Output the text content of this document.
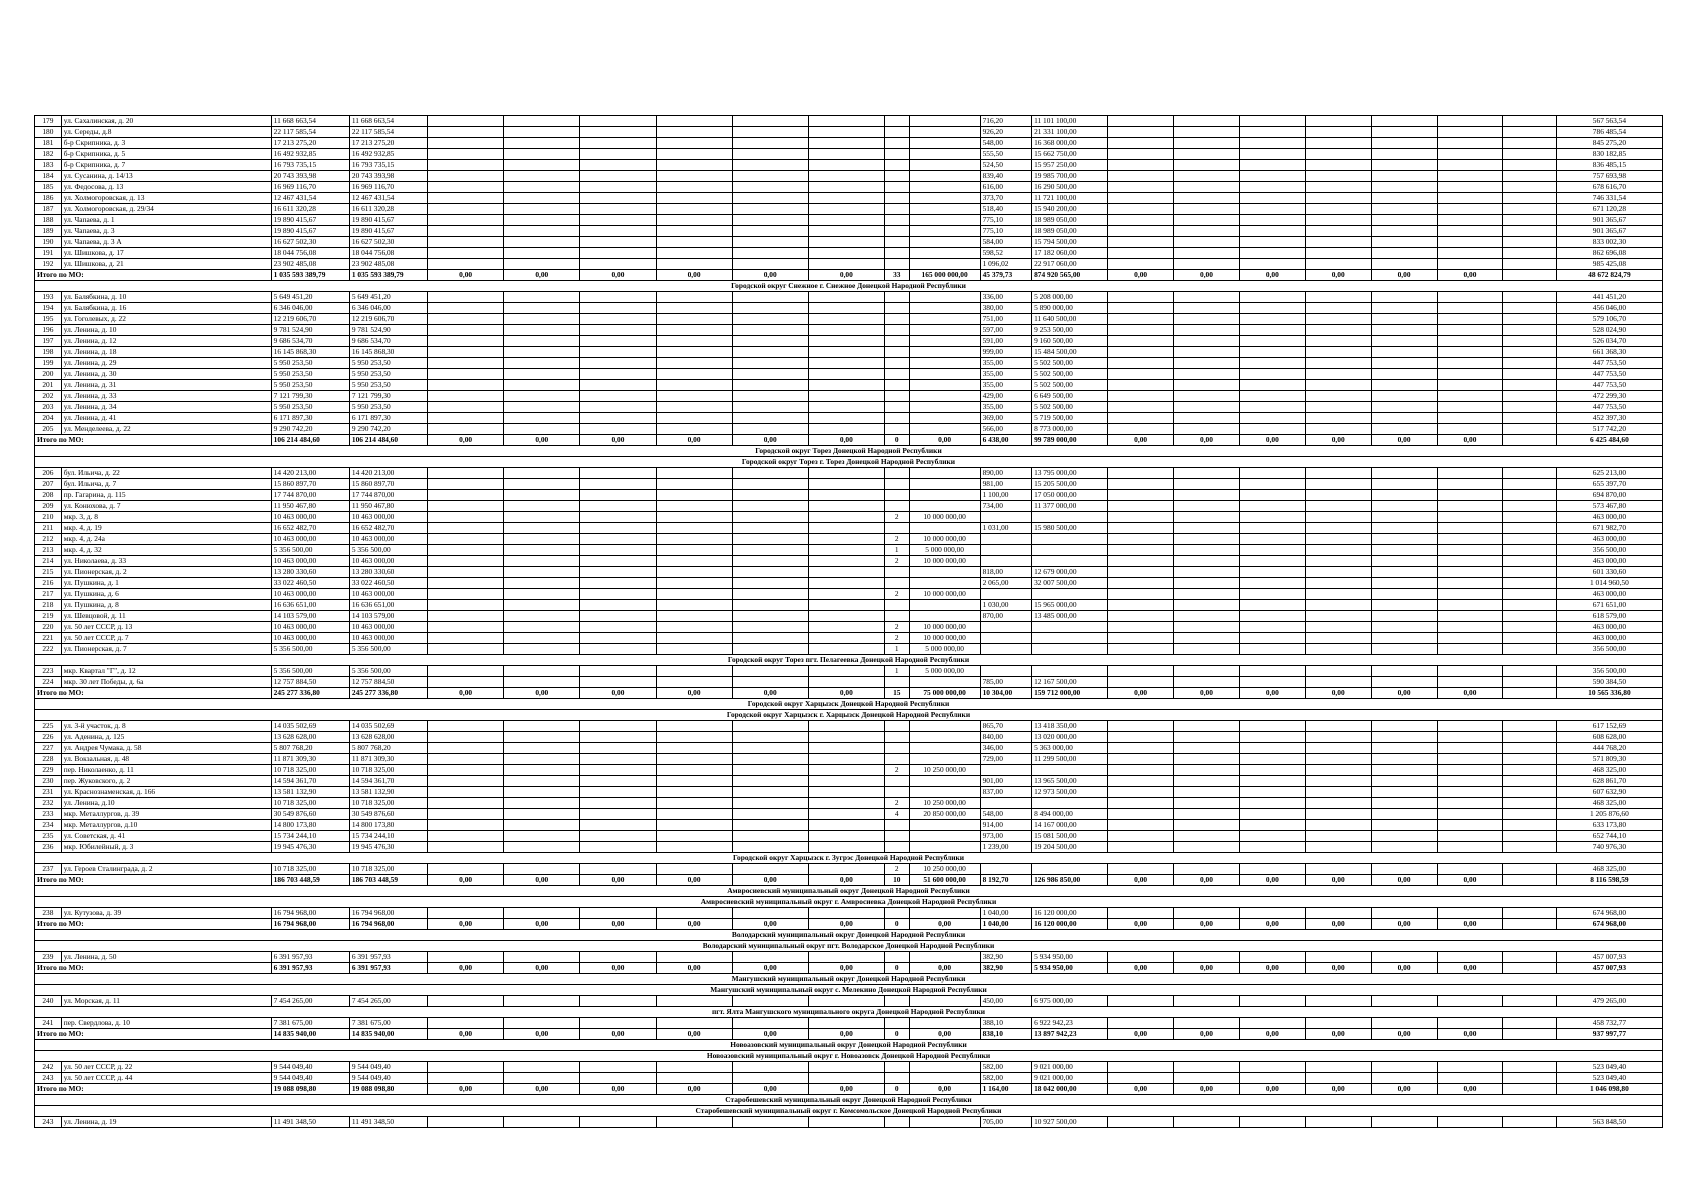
179	ул. Сахалинская, д. 20	11 668 663,54	11 668 663,54									716,20	11 101 100,00								567 563,54
180	ул. Середы, д.8	22 117 585,54	22 117 585,54									926,20	21 331 100,00								786 485,54
181	б-р Скрипника, д. 3	17 213 275,20	17 213 275,20									548,00	16 368 000,00								845 275,20
182	б-р Скрипника, д. 5	16 492 932,85	16 492 932,85									555,50	15 662 750,00								830 182,85
183	б-р Скрипника, д. 7	16 793 735,15	16 793 735,15									524,50	15 957 250,00								836 485,15
184	ул. Сусанина, д. 14/13	20 743 393,98	20 743 393,98									839,40	19 985 700,00								757 693,98
185	ул. Федосова, д. 13	16 969 116,70	16 969 116,70									616,00	16 290 500,00								678 616,70
186	ул. Холмогоровская, д. 13	12 467 431,54	12 467 431,54									373,70	11 721 100,00								746 331,54
187	ул. Холмогоровская, д. 29/34	16 611 320,28	16 611 320,28									518,40	15 940 200,00								671 120,28
188	ул. Чапаева, д. 1	19 890 415,67	19 890 415,67									775,10	18 989 050,00								901 365,67
189	ул. Чапаева, д. 3	19 890 415,67	19 890 415,67									775,10	18 989 050,00								901 365,67
190	ул. Чапаева, д. 3 А	16 627 502,30	16 627 502,30									584,00	15 794 500,00								833 002,30
191	ул. Шишкова, д. 17	18 044 756,08	18 044 756,08									598,52	17 182 060,00								862 696,08
192	ул. Шишкова, д. 21	23 902 485,08	23 902 485,08									1 096,02	22 917 060,00								985 425,08
Итого по МО:		1 035 593 389,79	1 035 593 389,79	0,00	0,00	0,00	0,00	0,00	0,00	33	165 000 000,00	45 379,73	874 920 565,00	0,00	0,00	0,00	0,00	0,00	0,00		48 672 824,79
Городской округ Снежное г. Снежное Донецкой Народной Республики																					
193	ул. Балябкина, д. 10	5 649 451,20	5 649 451,20									336,00	5 208 000,00								441 451,20
194	ул. Балябкина, д. 16	6 346 046,00	6 346 046,00									380,00	5 890 000,00								456 046,00
195	ул. Гоголевых, д. 22	12 219 606,70	12 219 606,70									751,00	11 640 500,00								579 106,70
196	ул. Ленина, д. 10	9 781 524,90	9 781 524,90									597,00	9 253 500,00								528 024,90
197	ул. Ленина, д. 12	9 686 534,70	9 686 534,70									591,00	9 160 500,00								526 034,70
198	ул. Ленина, д. 18	16 145 868,30	16 145 868,30									999,00	15 484 500,00								661 368,30
199	ул. Ленина, д. 29	5 950 253,50	5 950 253,50									355,00	5 502 500,00								447 753,50
200	ул. Ленина, д. 30	5 950 253,50	5 950 253,50									355,00	5 502 500,00								447 753,50
201	ул. Ленина, д. 31	5 950 253,50	5 950 253,50									355,00	5 502 500,00								447 753,50
202	ул. Ленина, д. 33	7 121 799,30	7 121 799,30									429,00	6 649 500,00								472 299,30
203	ул. Ленина, д. 34	5 950 253,50	5 950 253,50									355,00	5 502 500,00								447 753,50
204	ул. Ленина, д. 41	6 171 897,30	6 171 897,30									369,00	5 719 500,00								452 397,30
205	ул. Менделеева, д. 22	9 290 742,20	9 290 742,20									566,00	8 773 000,00								517 742,20
Итого по МО:		106 214 484,60	106 214 484,60	0,00	0,00	0,00	0,00	0,00	0,00	0	0,00	6 438,00	99 789 000,00	0,00	0,00	0,00	0,00	0,00	0,00		6 425 484,60
Городской округ Торез Донецкой Народной Республики																					
Городской округ Торез г. Торез Донецкой Народной Республики																					
206	бул. Ильича, д. 22	14 420 213,00	14 420 213,00									890,00	13 795 000,00								625 213,00
207	бул. Ильича, д. 7	15 860 897,70	15 860 897,70									981,00	15 205 500,00								655 397,70
208	пр. Гагарина, д. 115	17 744 870,00	17 744 870,00									1 100,00	17 050 000,00								694 870,00
209	ул. Конюхова, д. 7	11 950 467,80	11 950 467,80									734,00	11 377 000,00								573 467,80
210	мкр. 3, д. 8	10 463 000,00	10 463 000,00							2	10 000 000,00										463 000,00
211	мкр. 4, д. 19	16 652 482,70	16 652 482,70									1 031,00	15 980 500,00								671 982,70
212	мкр. 4, д. 24а	10 463 000,00	10 463 000,00							2	10 000 000,00										463 000,00
213	мкр. 4, д. 32	5 356 500,00	5 356 500,00							1	5 000 000,00										356 500,00
214	ул. Николаева, д. 33	10 463 000,00	10 463 000,00							2	10 000 000,00										463 000,00
215	ул. Пионерская, д. 2	13 280 330,60	13 280 330,60									818,00	12 679 000,00								601 330,60
216	ул. Пушкина, д. 1	33 022 460,50	33 022 460,50									2 065,00	32 007 500,00								1 014 960,50
217	ул. Пушкина, д. 6	10 463 000,00	10 463 000,00							2	10 000 000,00										463 000,00
218	ул. Пушкина, д. 8	16 636 651,00	16 636 651,00									1 030,00	15 965 000,00								671 651,00
219	ул. Шевцовой, д. 11	14 103 579,00	14 103 579,00									870,00	13 485 000,00								618 579,00
220	ул. 50 лет СССР, д. 13	10 463 000,00	10 463 000,00							2	10 000 000,00										463 000,00
221	ул. 50 лет СССР, д. 7	10 463 000,00	10 463 000,00							2	10 000 000,00										463 000,00
222	ул. Пионерская, д. 7	5 356 500,00	5 356 500,00							1	5 000 000,00										356 500,00
Городской округ Торез пгт. Пелагеевка Донецкой Народной Республики																					
223	мкр. Квартал "Г", д. 12	5 356 500,00	5 356 500,00							1	5 000 000,00										356 500,00
224	мкр. 30 лет Победы, д. 6а	12 757 884,50	12 757 884,50									785,00	12 167 500,00								590 384,50
Итого по МО:		245 277 336,80	245 277 336,80	0,00	0,00	0,00	0,00	0,00	0,00	15	75 000 000,00	10 304,00	159 712 000,00	0,00	0,00	0,00	0,00	0,00	0,00		10 565 336,80
Городской округ Харцызск Донецкой Народной Республики																					
Городской округ Харцызск г. Харцызск Донецкой Народной Республики																					
225	ул. 3-й участок, д. 8	14 035 502,69	14 035 502,69									865,70	13 418 350,00								617 152,69
226	ул. Аденина, д. 125	13 628 628,00	13 628 628,00									840,00	13 020 000,00								608 628,00
227	ул. Андрея Чумака, д. 58	5 807 768,20	5 807 768,20									346,00	5 363 000,00								444 768,20
228	ул. Вокзальная, д. 48	11 871 309,30	11 871 309,30									729,00	11 299 500,00								571 809,30
229	пер. Николаенко, д. 11	10 718 325,00	10 718 325,00							2	10 250 000,00										468 325,00
230	пер. Жуковского, д. 2	14 594 361,70	14 594 361,70									901,00	13 965 500,00								628 861,70
231	ул. Краснознаменская, д. 166	13 581 132,90	13 581 132,90									837,00	12 973 500,00								607 632,90
232	ул. Ленина, д.10	10 718 325,00	10 718 325,00							2	10 250 000,00										468 325,00
233	мкр. Металлургов, д. 39	30 549 876,60	30 549 876,60							4	20 850 000,00	548,00	8 494 000,00								1 205 876,60
234	мкр. Металлургов, д.10	14 800 173,80	14 800 173,80									914,00	14 167 000,00								633 173,80
235	ул. Советская, д. 41	15 734 244,10	15 734 244,10									973,00	15 081 500,00								652 744,10
236	мкр. Юбилейный, д. 3	19 945 476,30	19 945 476,30									1 239,00	19 204 500,00								740 976,30
Городской округ Харцызск г. Зугрэс Донецкой Народной Республики																					
237	ул. Героев Сталинграда, д. 2	10 718 325,00	10 718 325,00							2	10 250 000,00										468 325,00
Итого по МО:		186 703 448,59	186 703 448,59	0,00	0,00	0,00	0,00	0,00	0,00	10	51 600 000,00	8 192,70	126 986 850,00	0,00	0,00	0,00	0,00	0,00	0,00		8 116 598,59
Амвросиевский муниципальный округ Донецкой Народной Республики																					
Амвросиевский муниципальный округ г. Амвросиевка Донецкой Народной Республики																					
238	ул. Кутузова, д. 39	16 794 968,00	16 794 968,00									1 040,00	16 120 000,00								674 968,00
Итого по МО:		16 794 968,00	16 794 968,00	0,00	0,00	0,00	0,00	0,00	0,00	0	0,00	1 040,00	16 120 000,00	0,00	0,00	0,00	0,00	0,00	0,00		674 968,00
Володарский муниципальный округ Донецкой Народной Республики																					
Володарский муниципальный округ пгт. Володарское Донецкой Народной Республики																					
239	ул. Ленина, д. 50	6 391 957,93	6 391 957,93									382,90	5 934 950,00								457 007,93
Итого по МО:		6 391 957,93	6 391 957,93	0,00	0,00	0,00	0,00	0,00	0,00	0	0,00	382,90	5 934 950,00	0,00	0,00	0,00	0,00	0,00	0,00		457 007,93
Мангушский муниципальный округ Донецкой Народной Республики																					
Мангушский муниципальный округ с. Мелекино Донецкой Народной Республики																					
240	ул. Морская, д. 11	7 454 265,00	7 454 265,00									450,00	6 975 000,00								479 265,00
пгт. Ялта Мангушского муниципального округа Донецкой Народной Республики																					
241	пер. Свердлова, д. 10	7 381 675,00	7 381 675,00									388,10	6 922 942,23								458 732,77
Итого по МО:		14 835 940,00	14 835 940,00	0,00	0,00	0,00	0,00	0,00	0,00	0	0,00	838,10	13 897 942,23	0,00	0,00	0,00	0,00	0,00	0,00		937 997,77
Новоазовский муниципальный округ Донецкой Народной Республики																					
Новоазовский муниципальный округ г. Новоазовск Донецкой Народной Республики																					
242	ул. 50 лет СССР, д. 22	9 544 049,40	9 544 049,40									582,00	9 021 000,00								523 049,40
243	ул. 50 лет СССР, д. 44	9 544 049,40	9 544 049,40									582,00	9 021 000,00								523 049,40
Итого по МО:		19 088 098,80	19 088 098,80	0,00	0,00	0,00	0,00	0,00	0,00	0	0,00	1 164,00	18 042 000,00	0,00	0,00	0,00	0,00	0,00	0,00		1 046 098,80
Старобешевский муниципальный округ Донецкой Народной Республики																					
Старобешевский муниципальный округ г. Комсомольское Донецкой Народной Республики																					
243	ул. Ленина, д. 19	11 491 348,50	11 491 348,50									705,00	10 927 500,00								563 848,50
